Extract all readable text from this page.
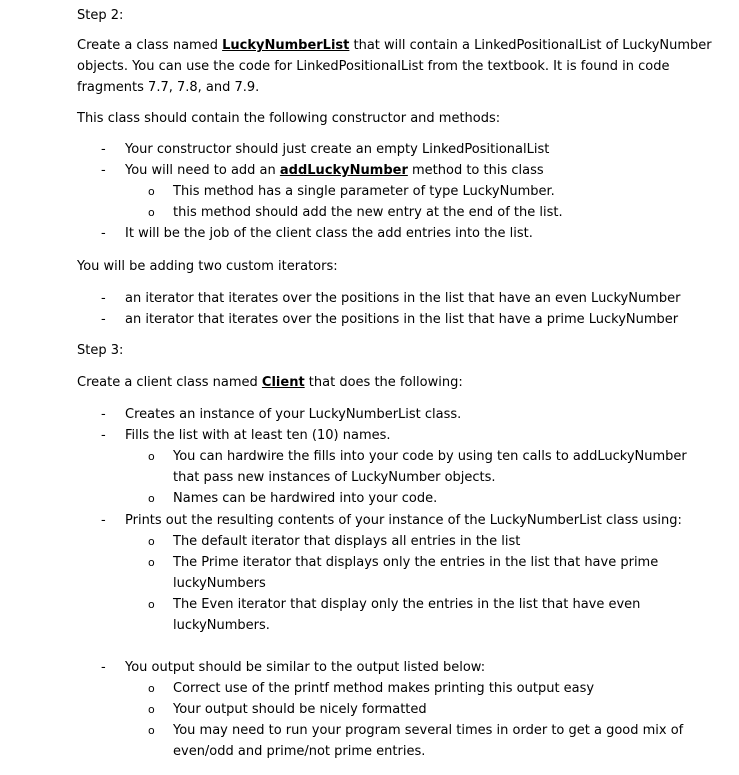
Step 2:

Create a class named LuckyNumberList that will contain a LinkedPositionalList of LuckyNumber

objects. You can use the code for LinkedPositionalList from the textbook. It is found in code

fragments 7.7, 7.8, and 7.9.

This class should contain the following constructor and methods:

- Your constructor should just create an empty LinkedPositionalList

- You will need to add an addLuckyNumber method to this class

o This method has a single parameter of type LuckyNumber.

o this method should add the new entry at the end of the list.

- It will be the job of the client class the add entries into the list.

You will be adding two custom iterators:

- an iterator that iterates over the positions in the list that have an even LuckyNumber

- an iterator that iterates over the positions in the list that have a prime LuckyNumber

Step 3:

Create a client class named Client that does the following:

- Creates an instance of your LuckyNumberList class.

- Fills the list with at least ten (10) names.

o You can hardwire the fills into your code by using ten calls to addLuckyNumber

that pass new instances of LuckyNumber objects.

o Names can be hardwired into your code.

- Prints out the resulting contents of your instance of the LuckyNumberList class using:

o The default iterator that displays all entries in the list

o The Prime iterator that displays only the entries in the list that have prime

luckyNumbers

o The Even iterator that display only the entries in the list that have even

luckyNumbers.

- You output should be similar to the output listed below:

o Correct use of the printf method makes printing this output easy

o Your output should be nicely formatted

o You may need to run your program several times in order to get a good mix of

even/odd and prime/not prime entries.
